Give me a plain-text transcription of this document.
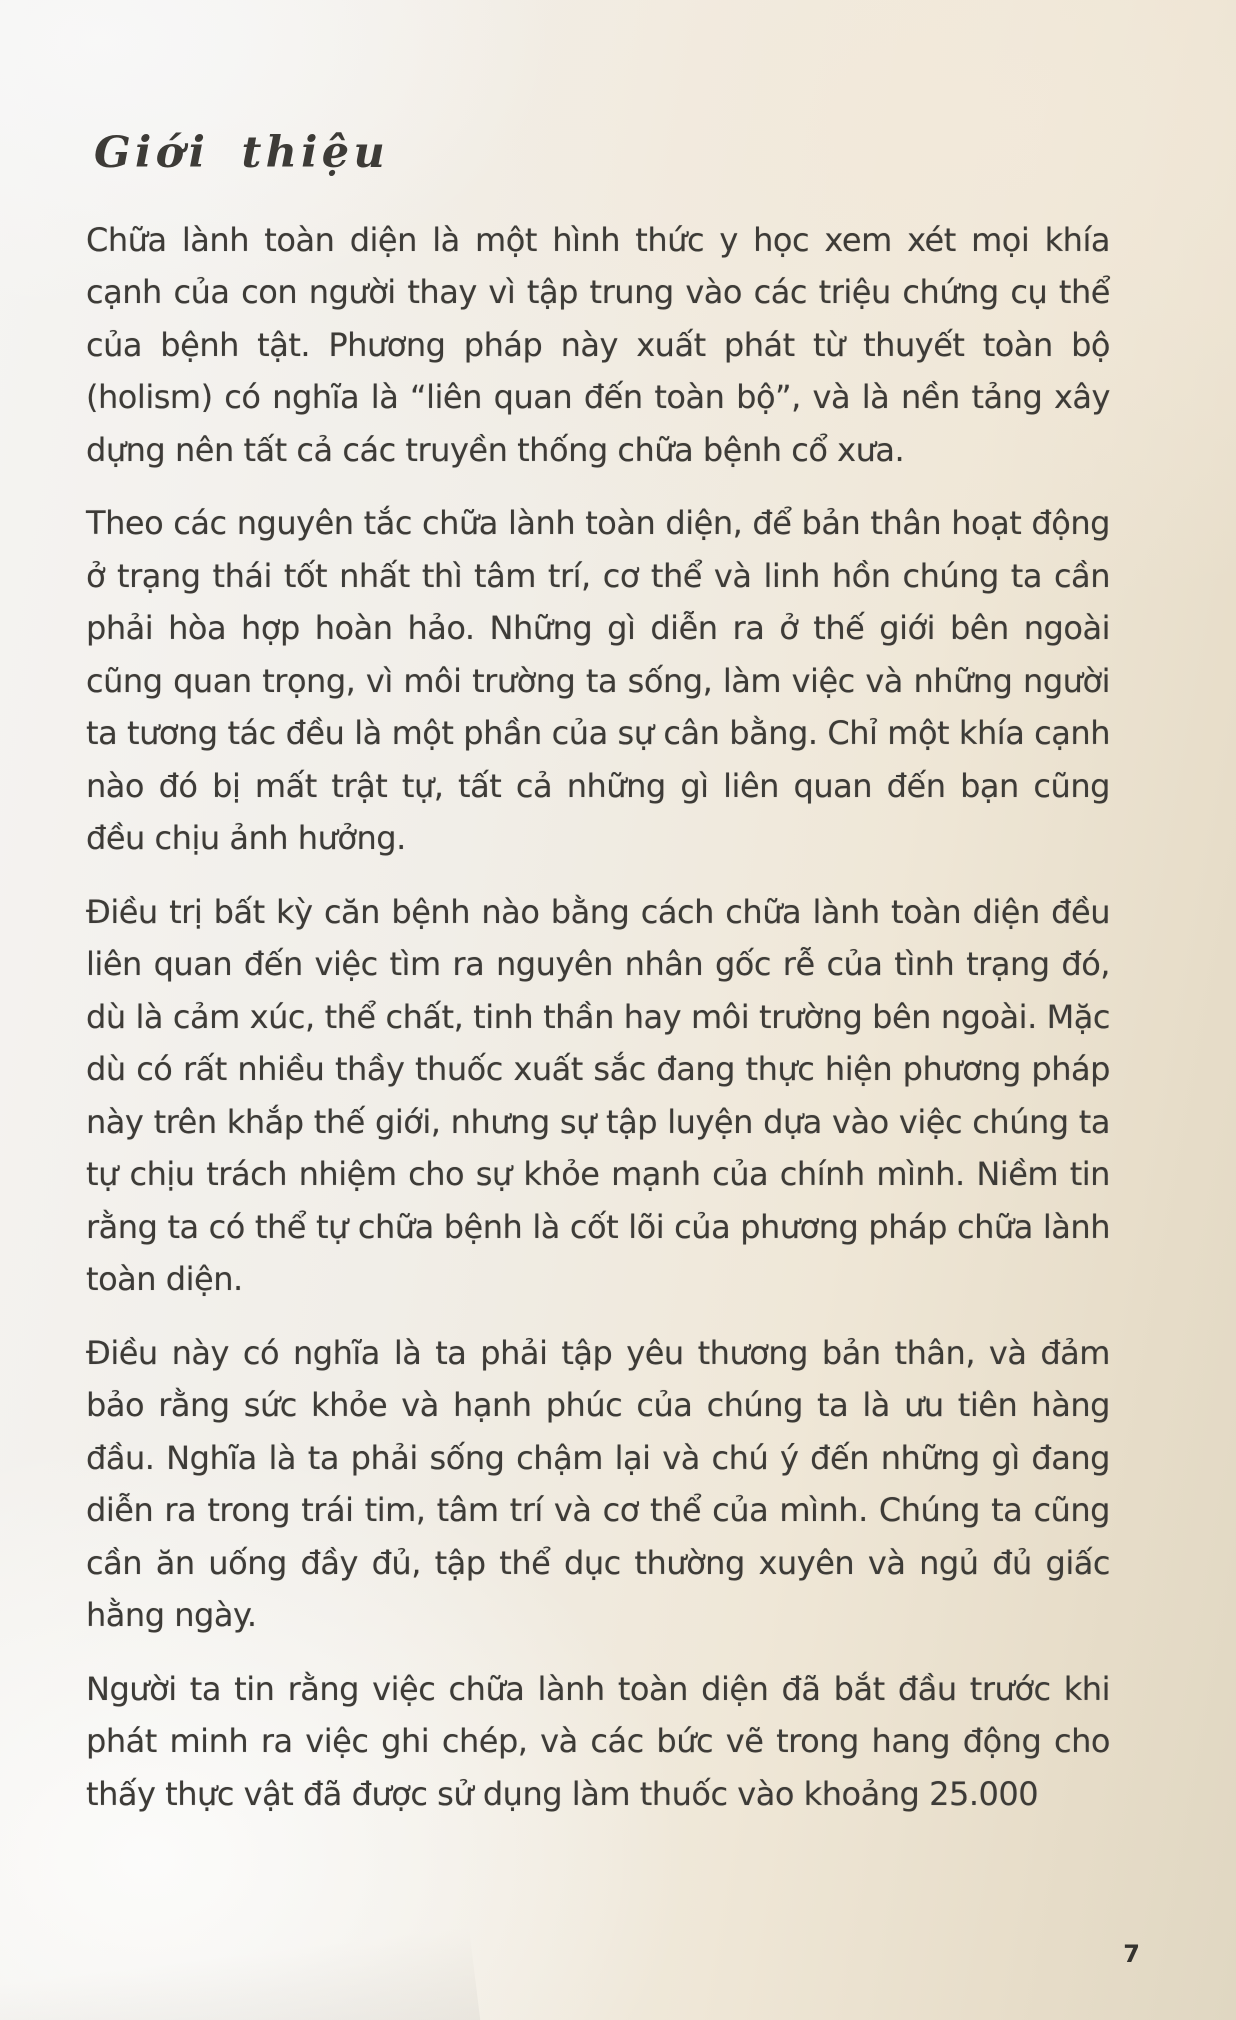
Giới thiệu

Chữa lành toàn diện là một hình thức y học xem xét mọi khía cạnh của con người thay vì tập trung vào các triệu chứng cụ thể của bệnh tật. Phương pháp này xuất phát từ thuyết toàn bộ (holism) có nghĩa là “liên quan đến toàn bộ”, và là nền tảng xây dựng nên tất cả các truyền thống chữa bệnh cổ xưa.

Theo các nguyên tắc chữa lành toàn diện, để bản thân hoạt động ở trạng thái tốt nhất thì tâm trí, cơ thể và linh hồn chúng ta cần phải hòa hợp hoàn hảo. Những gì diễn ra ở thế giới bên ngoài cũng quan trọng, vì môi trường ta sống, làm việc và những người ta tương tác đều là một phần của sự cân bằng. Chỉ một khía cạnh nào đó bị mất trật tự, tất cả những gì liên quan đến bạn cũng đều chịu ảnh hưởng.

Điều trị bất kỳ căn bệnh nào bằng cách chữa lành toàn diện đều liên quan đến việc tìm ra nguyên nhân gốc rễ của tình trạng đó, dù là cảm xúc, thể chất, tinh thần hay môi trường bên ngoài. Mặc dù có rất nhiều thầy thuốc xuất sắc đang thực hiện phương pháp này trên khắp thế giới, nhưng sự tập luyện dựa vào việc chúng ta tự chịu trách nhiệm cho sự khỏe mạnh của chính mình. Niềm tin rằng ta có thể tự chữa bệnh là cốt lõi của phương pháp chữa lành toàn diện.

Điều này có nghĩa là ta phải tập yêu thương bản thân, và đảm bảo rằng sức khỏe và hạnh phúc của chúng ta là ưu tiên hàng đầu. Nghĩa là ta phải sống chậm lại và chú ý đến những gì đang diễn ra trong trái tim, tâm trí và cơ thể của mình. Chúng ta cũng cần ăn uống đầy đủ, tập thể dục thường xuyên và ngủ đủ giấc hằng ngày.

Người ta tin rằng việc chữa lành toàn diện đã bắt đầu trước khi phát minh ra việc ghi chép, và các bức vẽ trong hang động cho thấy thực vật đã được sử dụng làm thuốc vào khoảng 25.000

7
